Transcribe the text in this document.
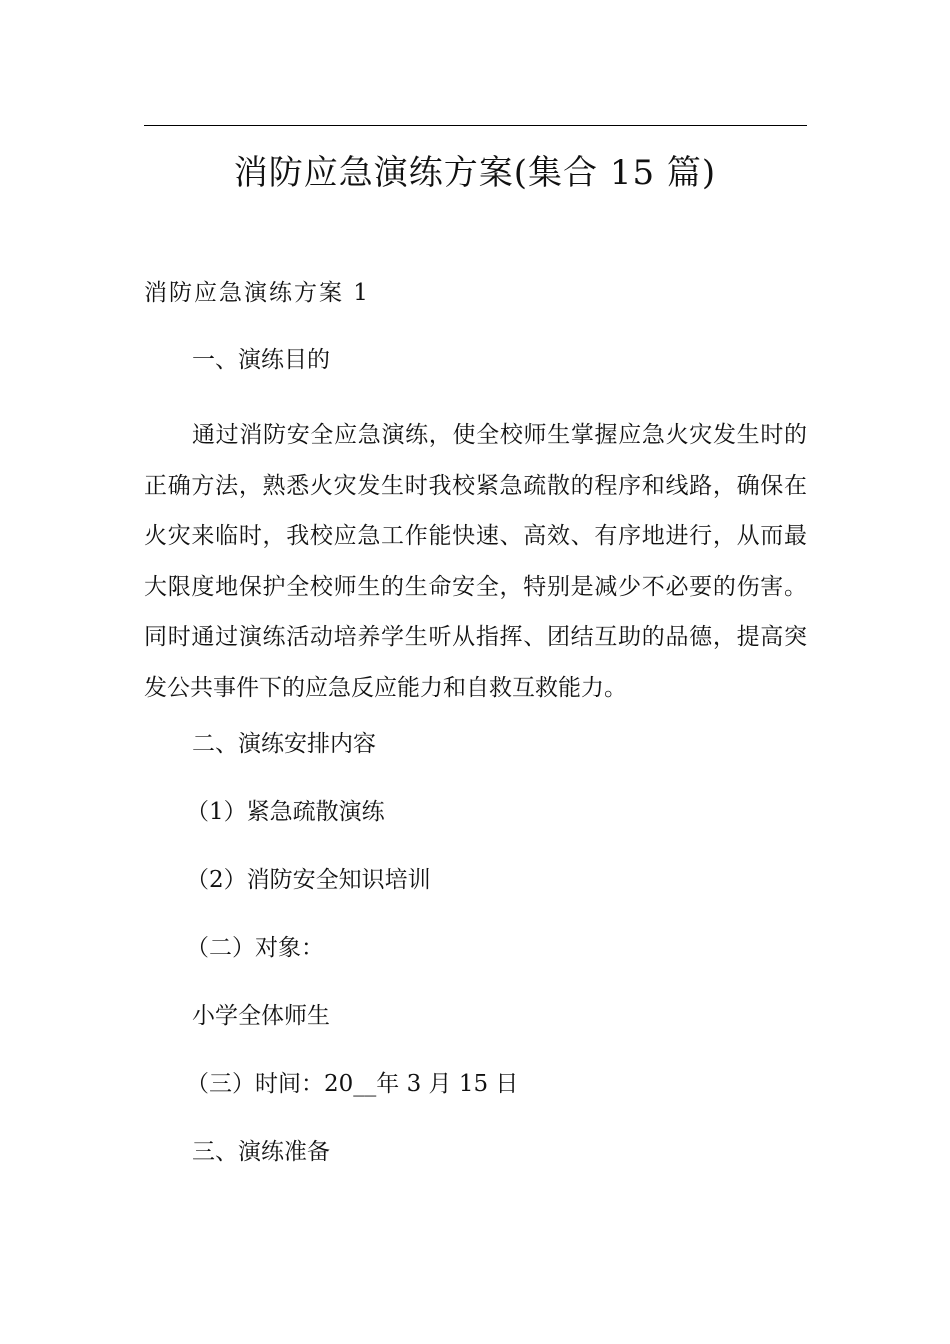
消防应急演练方案(集合 15 篇)
消防应急演练方案 1
一、演练目的
通过消防安全应急演练，使全校师生掌握应急火灾发生时的
正确方法，熟悉火灾发生时我校紧急疏散的程序和线路，确保在
火灾来临时，我校应急工作能快速、高效、有序地进行，从而最
大限度地保护全校师生的生命安全，特别是减少不必要的伤害。
同时通过演练活动培养学生听从指挥、团结互助的品德，提高突
发公共事件下的应急反应能力和自救互救能力。
二、演练安排内容
（1）紧急疏散演练
（2）消防安全知识培训
（二）对象：
小学全体师生
（三）时间：20__年 3 月 15 日
三、演练准备
